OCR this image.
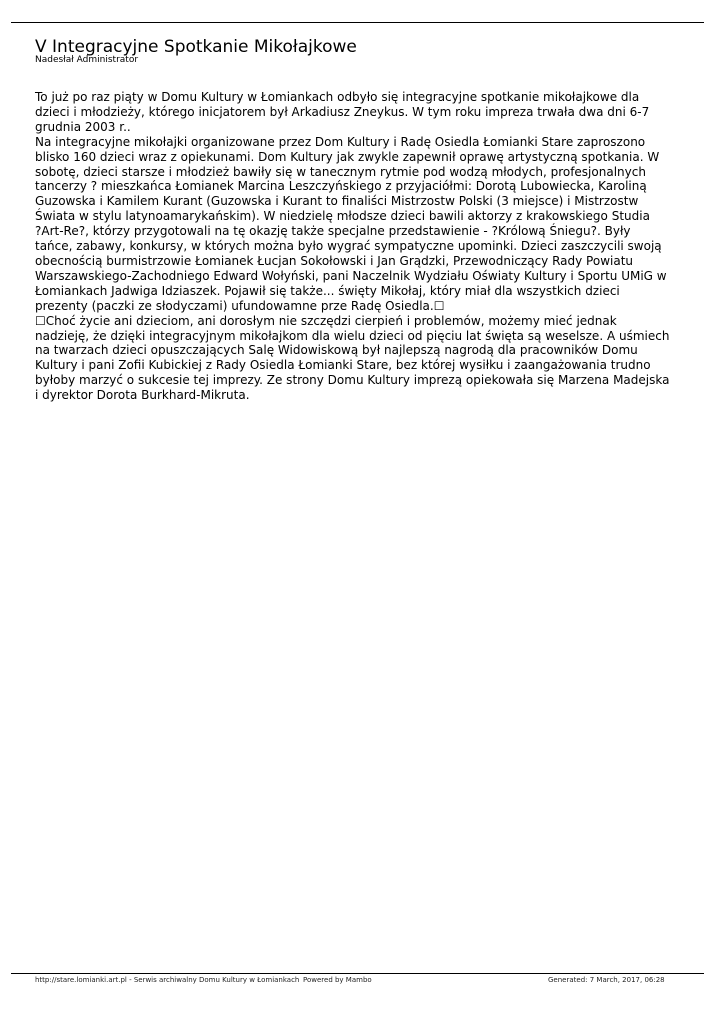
V Integracyjne Spotkanie Mikołajkowe
Nadesłał Administrator
To już po raz piąty w Domu Kultury w Łomiankach odbyło się integracyjne spotkanie mikołajkowe dla
dzieci i młodzieży, którego inicjatorem był Arkadiusz Zneykus. W tym roku impreza trwała dwa dni 6-7
grudnia 2003 r..
Na integracyjne mikołajki organizowane przez Dom Kultury i Radę Osiedla Łomianki Stare zaproszono
blisko 160 dzieci wraz z opiekunami. Dom Kultury jak zwykle zapewnił oprawę artystyczną spotkania. W
sobotę, dzieci starsze i młodzież bawiły się w tanecznym rytmie pod wodzą młodych, profesjonalnych
tancerzy ? mieszkańca Łomianek Marcina Leszczyńskiego z przyjaciółmi: Dorotą Lubowiecka, Karoliną
Guzowska i Kamilem Kurant (Guzowska i Kurant to finaliści Mistrzostw Polski (3 miejsce) i Mistrzostw
Świata w stylu latynoamarykańskim). W niedzielę młodsze dzieci bawili aktorzy z krakowskiego Studia
?Art-Re?, którzy przygotowali na tę okazję także specjalne przedstawienie - ?Królową Śniegu?. Były
tańce, zabawy, konkursy, w których można było wygrać sympatyczne upominki. Dzieci zaszczycili swoją
obecnością burmistrzowie Łomianek Łucjan Sokołowski i Jan Grądzki, Przewodniczący Rady Powiatu
Warszawskiego-Zachodniego Edward Wołyński, pani Naczelnik Wydziału Oświaty Kultury i Sportu UMiG w
Łomiankach Jadwiga Idziaszek. Pojawił się także... święty Mikołaj, który miał dla wszystkich dzieci
prezenty (paczki ze słodyczami) ufundowamne prze Radę Osiedla.☐
☐Choć życie ani dzieciom, ani dorosłym nie szczędzi cierpień i problemów, możemy mieć jednak
nadzieję, że dzięki integracyjnym mikołajkom dla wielu dzieci od pięciu lat święta są weselsze. A uśmiech
na twarzach dzieci opuszczających Salę Widowiskową był najlepszą nagrodą dla pracowników Domu
Kultury i pani Zofii Kubickiej z Rady Osiedla Łomianki Stare, bez której wysiłku i zaangażowania trudno
byłoby marzyć o sukcesie tej imprezy. Ze strony Domu Kultury imprezą opiekowała się Marzena Madejska
i dyrektor Dorota Burkhard-Mikruta.
http://stare.lomianki.art.pl - Serwis archiwalny Domu Kultury w Łomiankach Powered by Mambo	Generated: 7 March, 2017, 06:28
